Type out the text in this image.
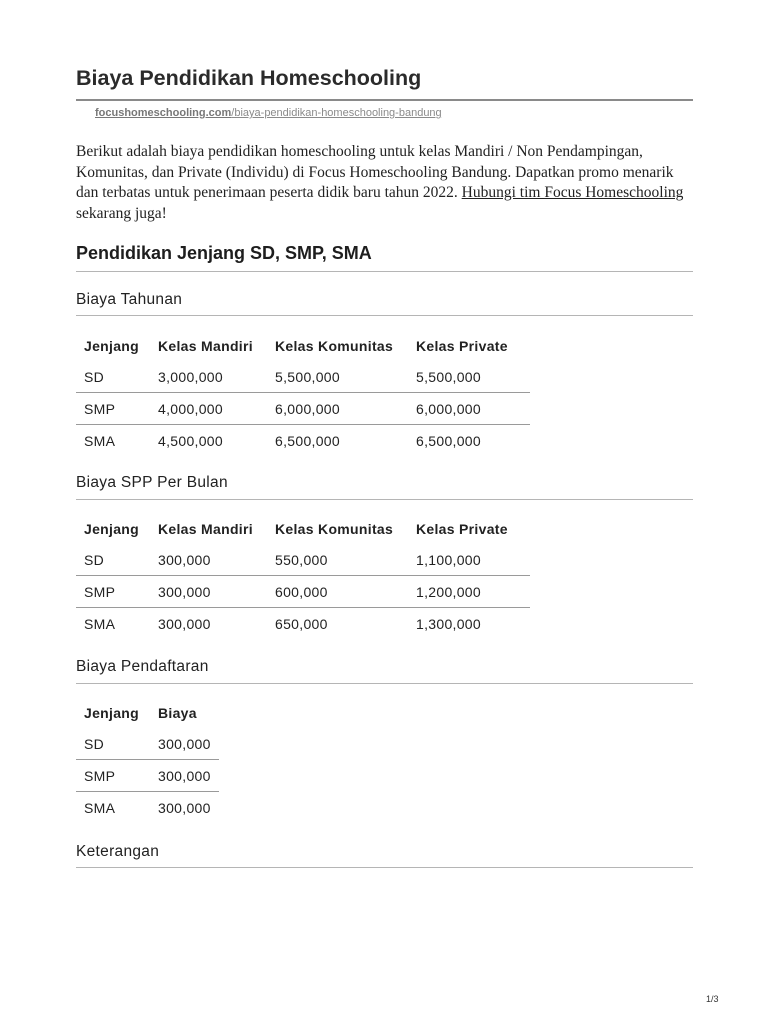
Biaya Pendidikan Homeschooling
focushomeschooling.com/biaya-pendidikan-homeschooling-bandung

Berikut adalah biaya pendidikan homeschooling untuk kelas Mandiri / Non Pendampingan, Komunitas, dan Private (Individu) di Focus Homeschooling Bandung. Dapatkan promo menarik dan terbatas untuk penerimaan peserta didik baru tahun 2022. Hubungi tim Focus Homeschooling sekarang juga!

Pendidikan Jenjang SD, SMP, SMA
Biaya Tahunan
Jenjang	Kelas Mandiri	Kelas Komunitas	Kelas Private
SD	3,000,000	5,500,000	5,500,000
SMP	4,000,000	6,000,000	6,000,000
SMA	4,500,000	6,500,000	6,500,000
Biaya SPP Per Bulan
Jenjang	Kelas Mandiri	Kelas Komunitas	Kelas Private
SD	300,000	550,000	1,100,000
SMP	300,000	600,000	1,200,000
SMA	300,000	650,000	1,300,000
Biaya Pendaftaran
Jenjang	Biaya
SD	300,000
SMP	300,000
SMA	300,000
Keterangan
1/3
